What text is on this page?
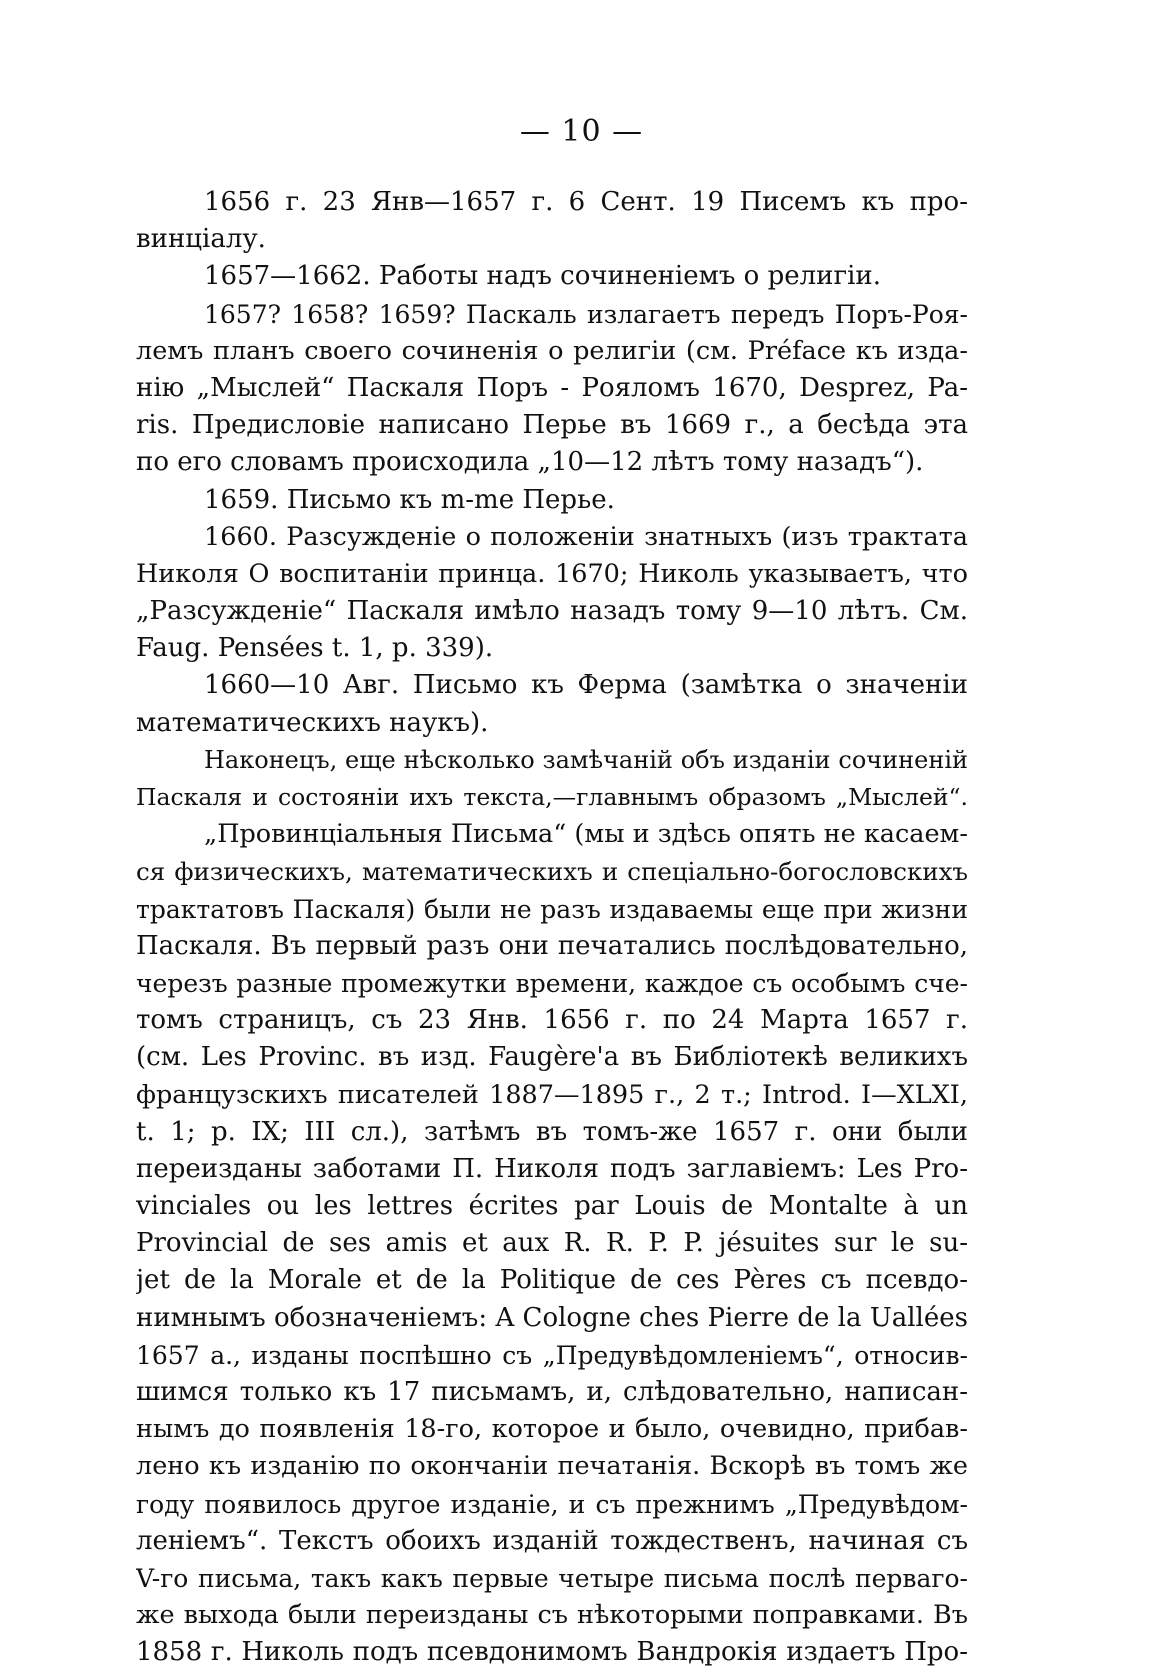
— 10 —
1656 г. 23 Янв—1657 г. 6 Сент. 19 Писемъ къ про-
винціалу.
1657—1662. Работы надъ сочиненіемъ о религіи.
1657? 1658? 1659? Паскаль излагаетъ передъ Поръ-Роя-
лемъ планъ своего сочиненія о религіи (см. Préface къ изда-
нію „Мыслей“ Паскаля Поръ - Рояломъ 1670, Desprez, Pa-
ris. Предисловіе написано Перье въ 1669 г., а бесѣда эта
по его словамъ происходила „10—12 лѣтъ тому назадъ“).
1659. Письмо къ m-me Перье.
1660. Разсужденіе о положеніи знатныхъ (изъ трактата
Николя О воспитаніи принца. 1670; Николь указываетъ, что
„Разсужденіе“ Паскаля имѣло назадъ тому 9—10 лѣтъ. См.
Faug. Pensées t. 1, p. 339).
1660—10 Авг. Письмо къ Ферма (замѣтка о значеніи
математическихъ наукъ).
Наконецъ, еще нѣсколько замѣчаній объ изданіи сочиненій
Паскаля и состояніи ихъ текста,—главнымъ образомъ „Мыслей“.
„Провинціальныя Письма“ (мы и здѣсь опять не касаем-
ся физическихъ, математическихъ и спеціально-богословскихъ
трактатовъ Паскаля) были не разъ издаваемы еще при жизни
Паскаля. Въ первый разъ они печатались послѣдовательно,
черезъ разные промежутки времени, каждое съ особымъ сче-
томъ страницъ, съ 23 Янв. 1656 г. по 24 Марта 1657 г.
(см. Les Provinc. въ изд. Faugère'a въ Библіотекѣ великихъ
французскихъ писателей 1887—1895 г., 2 т.; Introd. I—XLXI,
t. 1; p. IX; III сл.), затѣмъ въ томъ-же 1657 г. они были
переизданы заботами П. Николя подъ заглавіемъ: Les Pro-
vinciales ou les lettres écrites par Louis de Montalte à un
Provincial de ses amis et aux R. R. P. P. jésuites sur le su-
jet de la Morale et de la Politique de ces Pères съ псевдо-
нимнымъ обозначеніемъ: A Cologne ches Pierre de la Uallées
1657 a., изданы поспѣшно съ „Предувѣдомленіемъ“, относив-
шимся только къ 17 письмамъ, и, слѣдовательно, написан-
нымъ до появленія 18-го, которое и было, очевидно, прибав-
лено къ изданію по окончаніи печатанія. Вскорѣ въ томъ же
году появилось другое изданіе, и съ прежнимъ „Предувѣдом-
леніемъ“. Текстъ обоихъ изданій тождественъ, начиная съ
V-го письма, такъ какъ первые четыре письма послѣ перваго-
же выхода были переизданы съ нѣкоторыми поправками. Въ
1858 г. Николь подъ псевдонимомъ Вандрокія издаетъ Про-
